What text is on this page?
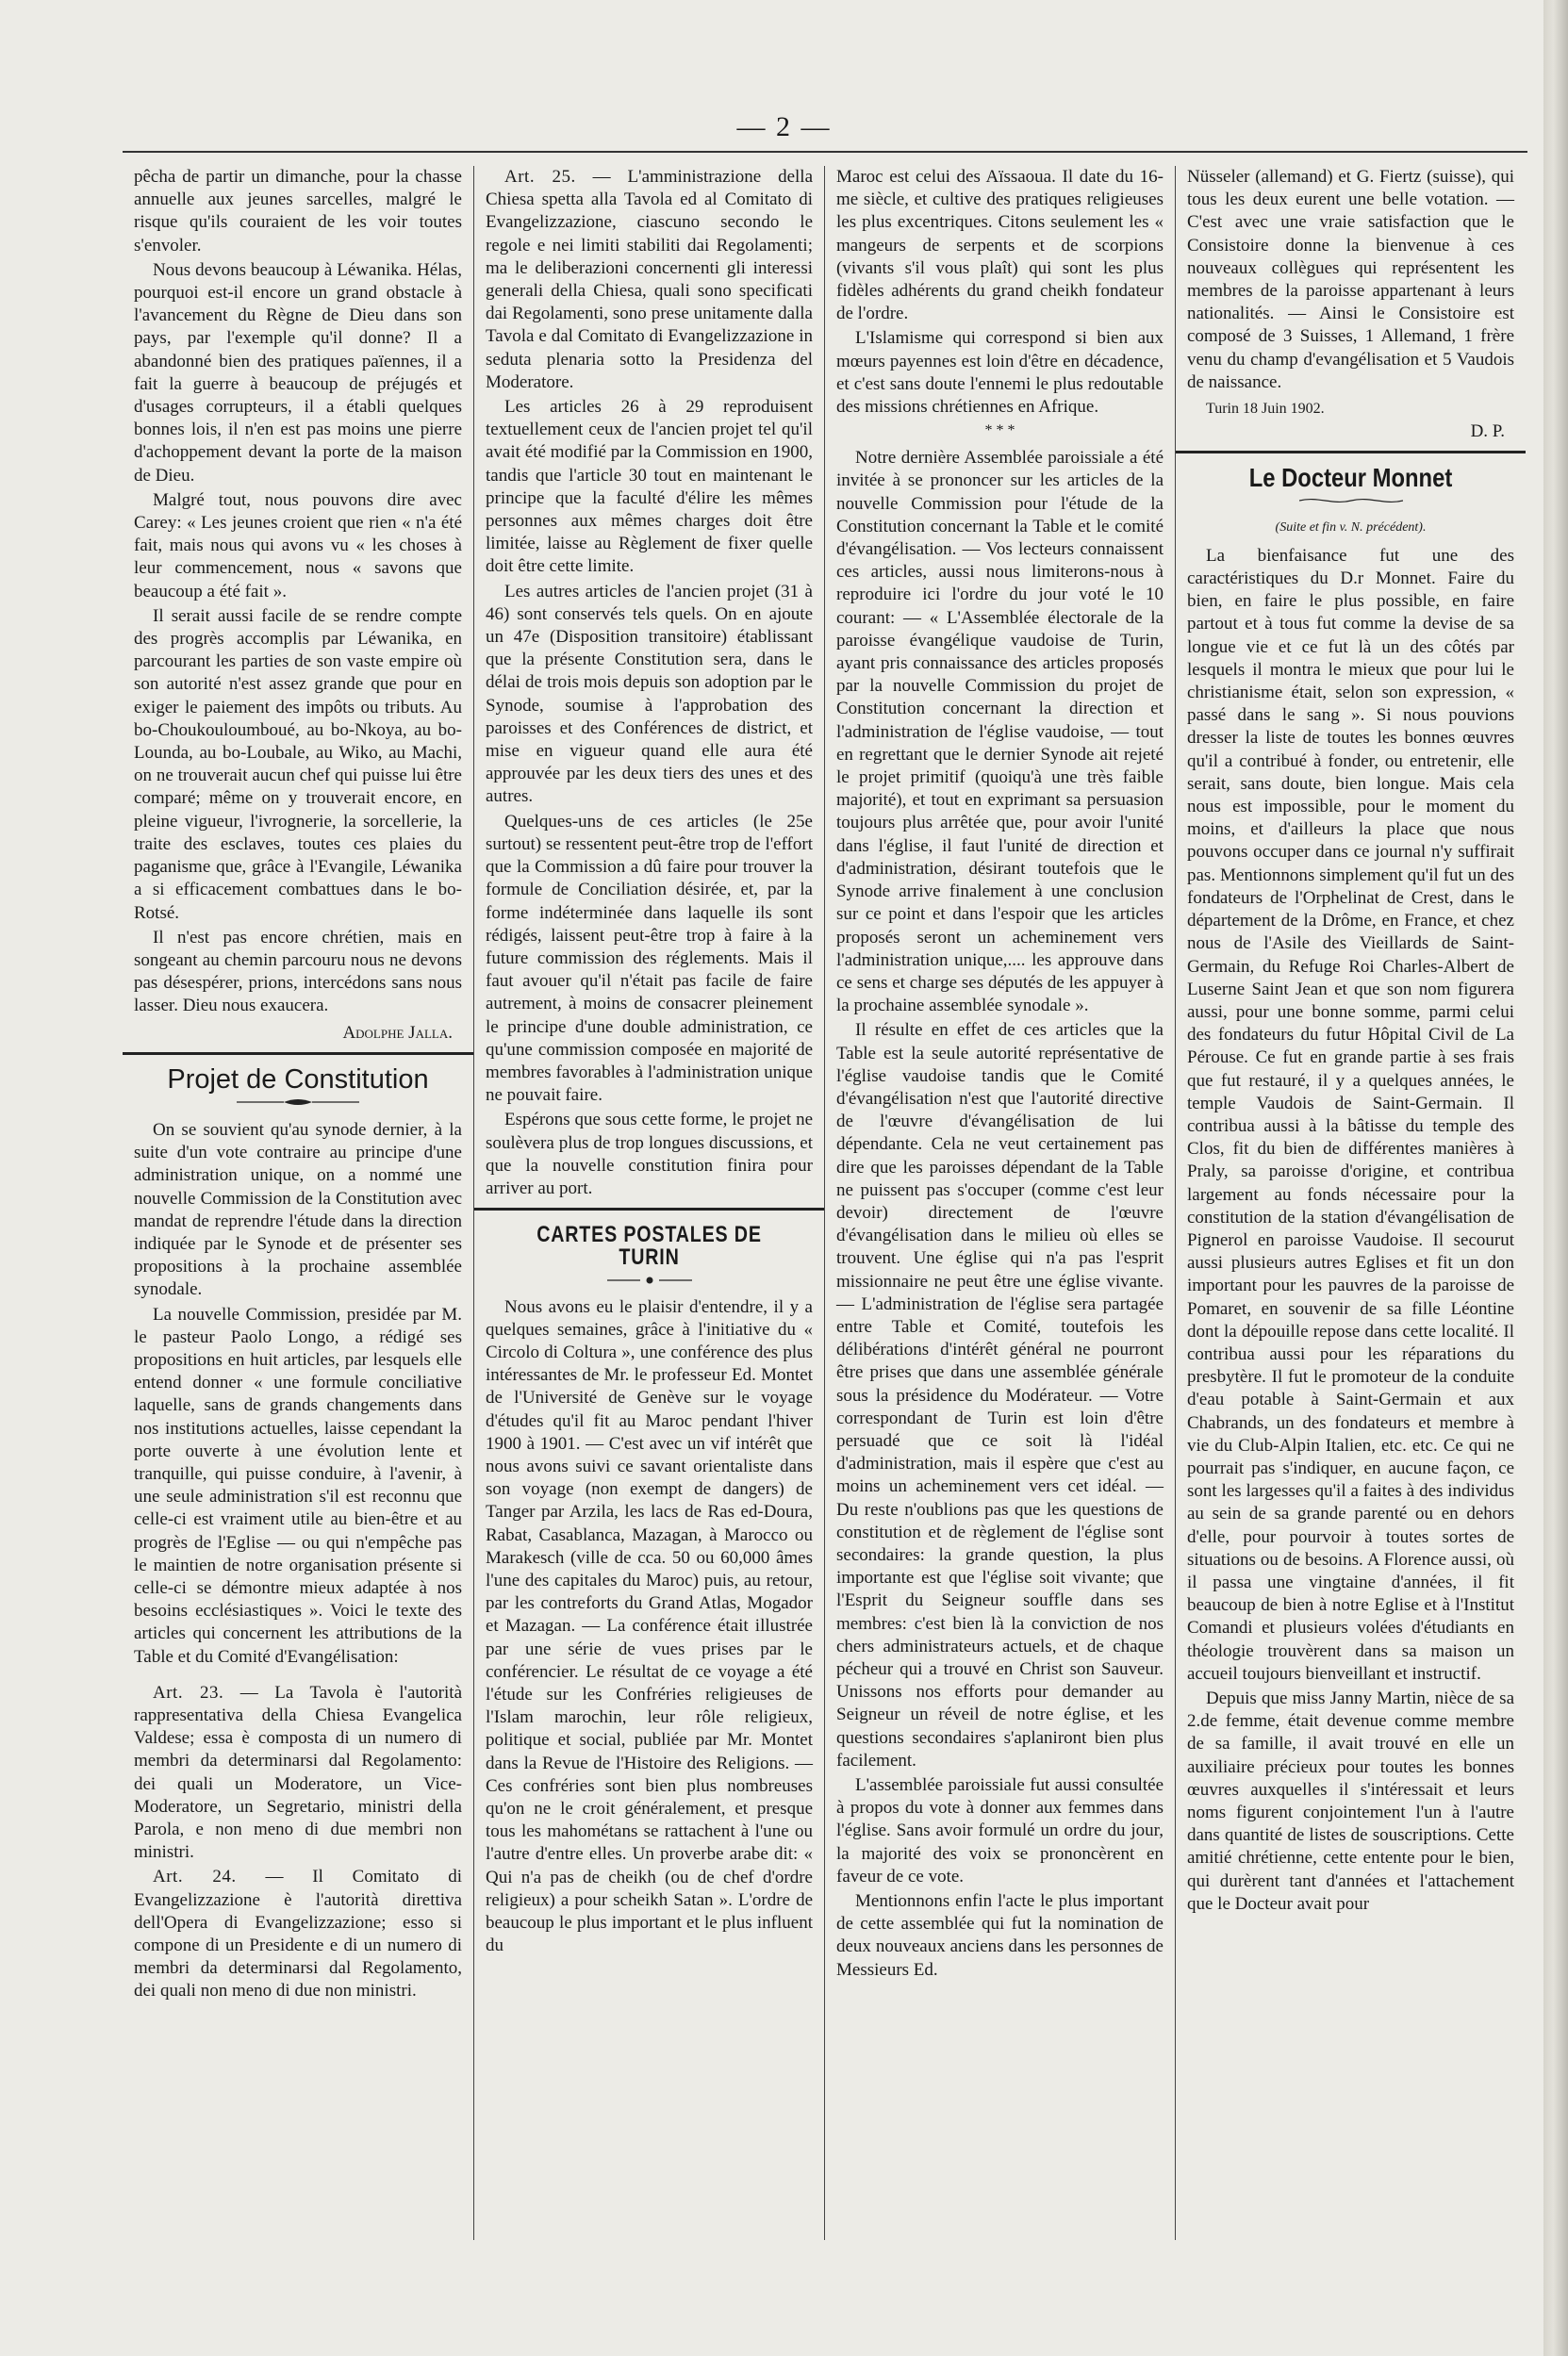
— 2 —

pêcha de partir un dimanche, pour la chasse annuelle aux jeunes sarcelles, malgré le risque qu'ils couraient de les voir toutes s'envoler.

Nous devons beaucoup à Léwanika. Hélas, pourquoi est-il encore un grand obstacle à l'avancement du Règne de Dieu dans son pays, par l'exemple qu'il donne? Il a abandonné bien des pratiques païennes, il a fait la guerre à beaucoup de préjugés et d'usages corrupteurs, il a établi quelques bonnes lois, il n'en est pas moins une pierre d'achoppement devant la porte de la maison de Dieu.

Malgré tout, nous pouvons dire avec Carey: « Les jeunes croient que rien « n'a été fait, mais nous qui avons vu « les choses à leur commencement, nous « savons que beaucoup a été fait ».

Il serait aussi facile de se rendre compte des progrès accomplis par Léwanika, en parcourant les parties de son vaste empire où son autorité n'est assez grande que pour en exiger le paiement des impôts ou tributs. Au bo-Choukouloumboué, au bo-Nkoya, au bo-Lounda, au bo-Loubale, au Wiko, au Machi, on ne trouverait aucun chef qui puisse lui être comparé; même on y trouverait encore, en pleine vigueur, l'ivrognerie, la sorcellerie, la traite des esclaves, toutes ces plaies du paganisme que, grâce à l'Evangile, Léwanika a si efficacement combattues dans le bo-Rotsé.

Il n'est pas encore chrétien, mais en songeant au chemin parcouru nous ne devons pas désespérer, prions, intercédons sans nous lasser. Dieu nous exaucera.

Adolphe Jalla.

Projet de Constitution

On se souvient qu'au synode dernier, à la suite d'un vote contraire au principe d'une administration unique, on a nommé une nouvelle Commission de la Constitution avec mandat de reprendre l'étude dans la direction indiquée par le Synode et de présenter ses propositions à la prochaine assemblée synodale.

La nouvelle Commission, presidée par M. le pasteur Paolo Longo, a rédigé ses propositions en huit articles, par lesquels elle entend donner « une formule conciliative laquelle, sans de grands changements dans nos institutions actuelles, laisse cependant la porte ouverte à une évolution lente et tranquille, qui puisse conduire, à l'avenir, à une seule administration s'il est reconnu que celle-ci est vraiment utile au bien-être et au progrès de l'Eglise — ou qui n'empêche pas le maintien de notre organisation présente si celle-ci se démontre mieux adaptée à nos besoins ecclésiastiques ». Voici le texte des articles qui concernent les attributions de la Table et du Comité d'Evangélisation:

Art. 23. — La Tavola è l'autorità rappresentativa della Chiesa Evangelica Valdese; essa è composta di un numero di membri da determinarsi dal Regolamento: dei quali un Moderatore, un Vice-Moderatore, un Segretario, ministri della Parola, e non meno di due membri non ministri.

Art. 24. — Il Comitato di Evangelizzazione è l'autorità direttiva dell'Opera di Evangelizzazione; esso si compone di un Presidente e di un numero di membri da determinarsi dal Regolamento, dei quali non meno di due non ministri.

Art. 25. — L'amministrazione della Chiesa spetta alla Tavola ed al Comitato di Evangelizzazione, ciascuno secondo le regole e nei limiti stabiliti dai Regolamenti; ma le deliberazioni concernenti gli interessi generali della Chiesa, quali sono specificati dai Regolamenti, sono prese unitamente dalla Tavola e dal Comitato di Evangelizzazione in seduta plenaria sotto la Presidenza del Moderatore.

Les articles 26 à 29 reproduisent textuellement ceux de l'ancien projet tel qu'il avait été modifié par la Commission en 1900, tandis que l'article 30 tout en maintenant le principe que la faculté d'élire les mêmes personnes aux mêmes charges doit être limitée, laisse au Règlement de fixer quelle doit être cette limite.

Les autres articles de l'ancien projet (31 à 46) sont conservés tels quels. On en ajoute un 47e (Disposition transitoire) établissant que la présente Constitution sera, dans le délai de trois mois depuis son adoption par le Synode, soumise à l'approbation des paroisses et des Conférences de district, et mise en vigueur quand elle aura été approuvée par les deux tiers des unes et des autres.

Quelques-uns de ces articles (le 25e surtout) se ressentent peut-être trop de l'effort que la Commission a dû faire pour trouver la formule de Conciliation désirée, et, par la forme indéterminée dans laquelle ils sont rédigés, laissent peut-être trop à faire à la future commission des réglements. Mais il faut avouer qu'il n'était pas facile de faire autrement, à moins de consacrer pleinement le principe d'une double administration, ce qu'une commission composée en majorité de membres favorables à l'administration unique ne pouvait faire.

Espérons que sous cette forme, le projet ne soulèvera plus de trop longues discussions, et que la nouvelle constitution finira pour arriver au port.

CARTES POSTALES DE TURIN

Nous avons eu le plaisir d'entendre, il y a quelques semaines, grâce à l'initiative du « Circolo di Coltura », une conférence des plus intéressantes de Mr. le professeur Ed. Montet de l'Université de Genève sur le voyage d'études qu'il fit au Maroc pendant l'hiver 1900 à 1901. — C'est avec un vif intérêt que nous avons suivi ce savant orientaliste dans son voyage (non exempt de dangers) de Tanger par Arzila, les lacs de Ras ed-Doura, Rabat, Casablanca, Mazagan, à Marocco ou Marakesch (ville de cca. 50 ou 60,000 âmes l'une des capitales du Maroc) puis, au retour, par les contreforts du Grand Atlas, Mogador et Mazagan. — La conférence était illustrée par une série de vues prises par le conférencier. Le résultat de ce voyage a été l'étude sur les Confréries religieuses de l'Islam marochin, leur rôle religieux, politique et social, publiée par Mr. Montet dans la Revue de l'Histoire des Religions. — Ces confréries sont bien plus nombreuses qu'on ne le croit généralement, et presque tous les mahométans se rattachent à l'une ou l'autre d'entre elles. Un proverbe arabe dit: « Qui n'a pas de cheikh (ou de chef d'ordre religieux) a pour scheikh Satan ». L'ordre de beaucoup le plus important et le plus influent du

Maroc est celui des Aïssaoua. Il date du 16-me siècle, et cultive des pratiques religieuses les plus excentriques. Citons seulement les « mangeurs de serpents et de scorpions (vivants s'il vous plaît) qui sont les plus fidèles adhérents du grand cheikh fondateur de l'ordre.

L'Islamisme qui correspond si bien aux mœurs payennes est loin d'être en décadence, et c'est sans doute l'ennemi le plus redoutable des missions chrétiennes en Afrique.

* * *

Notre dernière Assemblée paroissiale a été invitée à se prononcer sur les articles de la nouvelle Commission pour l'étude de la Constitution concernant la Table et le comité d'évangélisation. — Vos lecteurs connaissent ces articles, aussi nous limiterons-nous à reproduire ici l'ordre du jour voté le 10 courant: — « L'Assemblée électorale de la paroisse évangélique vaudoise de Turin, ayant pris connaissance des articles proposés par la nouvelle Commission du projet de Constitution concernant la direction et l'administration de l'église vaudoise, — tout en regrettant que le dernier Synode ait rejeté le projet primitif (quoiqu'à une très faible majorité), et tout en exprimant sa persuasion toujours plus arrêtée que, pour avoir l'unité dans l'église, il faut l'unité de direction et d'administration, désirant toutefois que le Synode arrive finalement à une conclusion sur ce point et dans l'espoir que les articles proposés seront un acheminement vers l'administration unique,.... les approuve dans ce sens et charge ses députés de les appuyer à la prochaine assemblée synodale ».

Il résulte en effet de ces articles que la Table est la seule autorité représentative de l'église vaudoise tandis que le Comité d'évangélisation n'est que l'autorité directive de l'œuvre d'évangélisation de lui dépendante. Cela ne veut certainement pas dire que les paroisses dépendant de la Table ne puissent pas s'occuper (comme c'est leur devoir) directement de l'œuvre d'évangélisation dans le milieu où elles se trouvent. Une église qui n'a pas l'esprit missionnaire ne peut être une église vivante. — L'administration de l'église sera partagée entre Table et Comité, toutefois les délibérations d'intérêt général ne pourront être prises que dans une assemblée générale sous la présidence du Modérateur. — Votre correspondant de Turin est loin d'être persuadé que ce soit là l'idéal d'administration, mais il espère que c'est au moins un acheminement vers cet idéal. — Du reste n'oublions pas que les questions de constitution et de règlement de l'église sont secondaires: la grande question, la plus importante est que l'église soit vivante; que l'Esprit du Seigneur souffle dans ses membres: c'est bien là la conviction de nos chers administrateurs actuels, et de chaque pécheur qui a trouvé en Christ son Sauveur. Unissons nos efforts pour demander au Seigneur un réveil de notre église, et les questions secondaires s'aplaniront bien plus facilement.

L'assemblée paroissiale fut aussi consultée à propos du vote à donner aux femmes dans l'église. Sans avoir formulé un ordre du jour, la majorité des voix se prononcèrent en faveur de ce vote.

Mentionnons enfin l'acte le plus important de cette assemblée qui fut la nomination de deux nouveaux anciens dans les personnes de Messieurs Ed.

Nüsseler (allemand) et G. Fiertz (suisse), qui tous les deux eurent une belle votation. — C'est avec une vraie satisfaction que le Consistoire donne la bienvenue à ces nouveaux collègues qui représentent les membres de la paroisse appartenant à leurs nationalités. — Ainsi le Consistoire est composé de 3 Suisses, 1 Allemand, 1 frère venu du champ d'evangélisation et 5 Vaudois de naissance.

Turin 18 Juin 1902.

D. P.

Le Docteur Monnet
(Suite et fin v. N. précédent).

La bienfaisance fut une des caractéristiques du D.r Monnet. Faire du bien, en faire le plus possible, en faire partout et à tous fut comme la devise de sa longue vie et ce fut là un des côtés par lesquels il montra le mieux que pour lui le christianisme était, selon son expression, « passé dans le sang ». Si nous pouvions dresser la liste de toutes les bonnes œuvres qu'il a contribué à fonder, ou entretenir, elle serait, sans doute, bien longue. Mais cela nous est impossible, pour le moment du moins, et d'ailleurs la place que nous pouvons occuper dans ce journal n'y suffirait pas. Mentionnons simplement qu'il fut un des fondateurs de l'Orphelinat de Crest, dans le département de la Drôme, en France, et chez nous de l'Asile des Vieillards de Saint-Germain, du Refuge Roi Charles-Albert de Luserne Saint Jean et que son nom figurera aussi, pour une bonne somme, parmi celui des fondateurs du futur Hôpital Civil de La Pérouse. Ce fut en grande partie à ses frais que fut restauré, il y a quelques années, le temple Vaudois de Saint-Germain. Il contribua aussi à la bâtisse du temple des Clos, fit du bien de différentes manières à Praly, sa paroisse d'origine, et contribua largement au fonds nécessaire pour la constitution de la station d'évangélisation de Pignerol en paroisse Vaudoise. Il secourut aussi plusieurs autres Eglises et fit un don important pour les pauvres de la paroisse de Pomaret, en souvenir de sa fille Léontine dont la dépouille repose dans cette localité. Il contribua aussi pour les réparations du presbytère. Il fut le promoteur de la conduite d'eau potable à Saint-Germain et aux Chabrands, un des fondateurs et membre à vie du Club-Alpin Italien, etc. etc. Ce qui ne pourrait pas s'indiquer, en aucune façon, ce sont les largesses qu'il a faites à des individus au sein de sa grande parenté ou en dehors d'elle, pour pourvoir à toutes sortes de situations ou de besoins. A Florence aussi, où il passa une vingtaine d'années, il fit beaucoup de bien à notre Eglise et à l'Institut Comandi et plusieurs volées d'étudiants en théologie trouvèrent dans sa maison un accueil toujours bienveillant et instructif.

Depuis que miss Janny Martin, nièce de sa 2.de femme, était devenue comme membre de sa famille, il avait trouvé en elle un auxiliaire précieux pour toutes les bonnes œuvres auxquelles il s'intéressait et leurs noms figurent conjointement l'un à l'autre dans quantité de listes de souscriptions. Cette amitié chrétienne, cette entente pour le bien, qui durèrent tant d'années et l'attachement que le Docteur avait pour
